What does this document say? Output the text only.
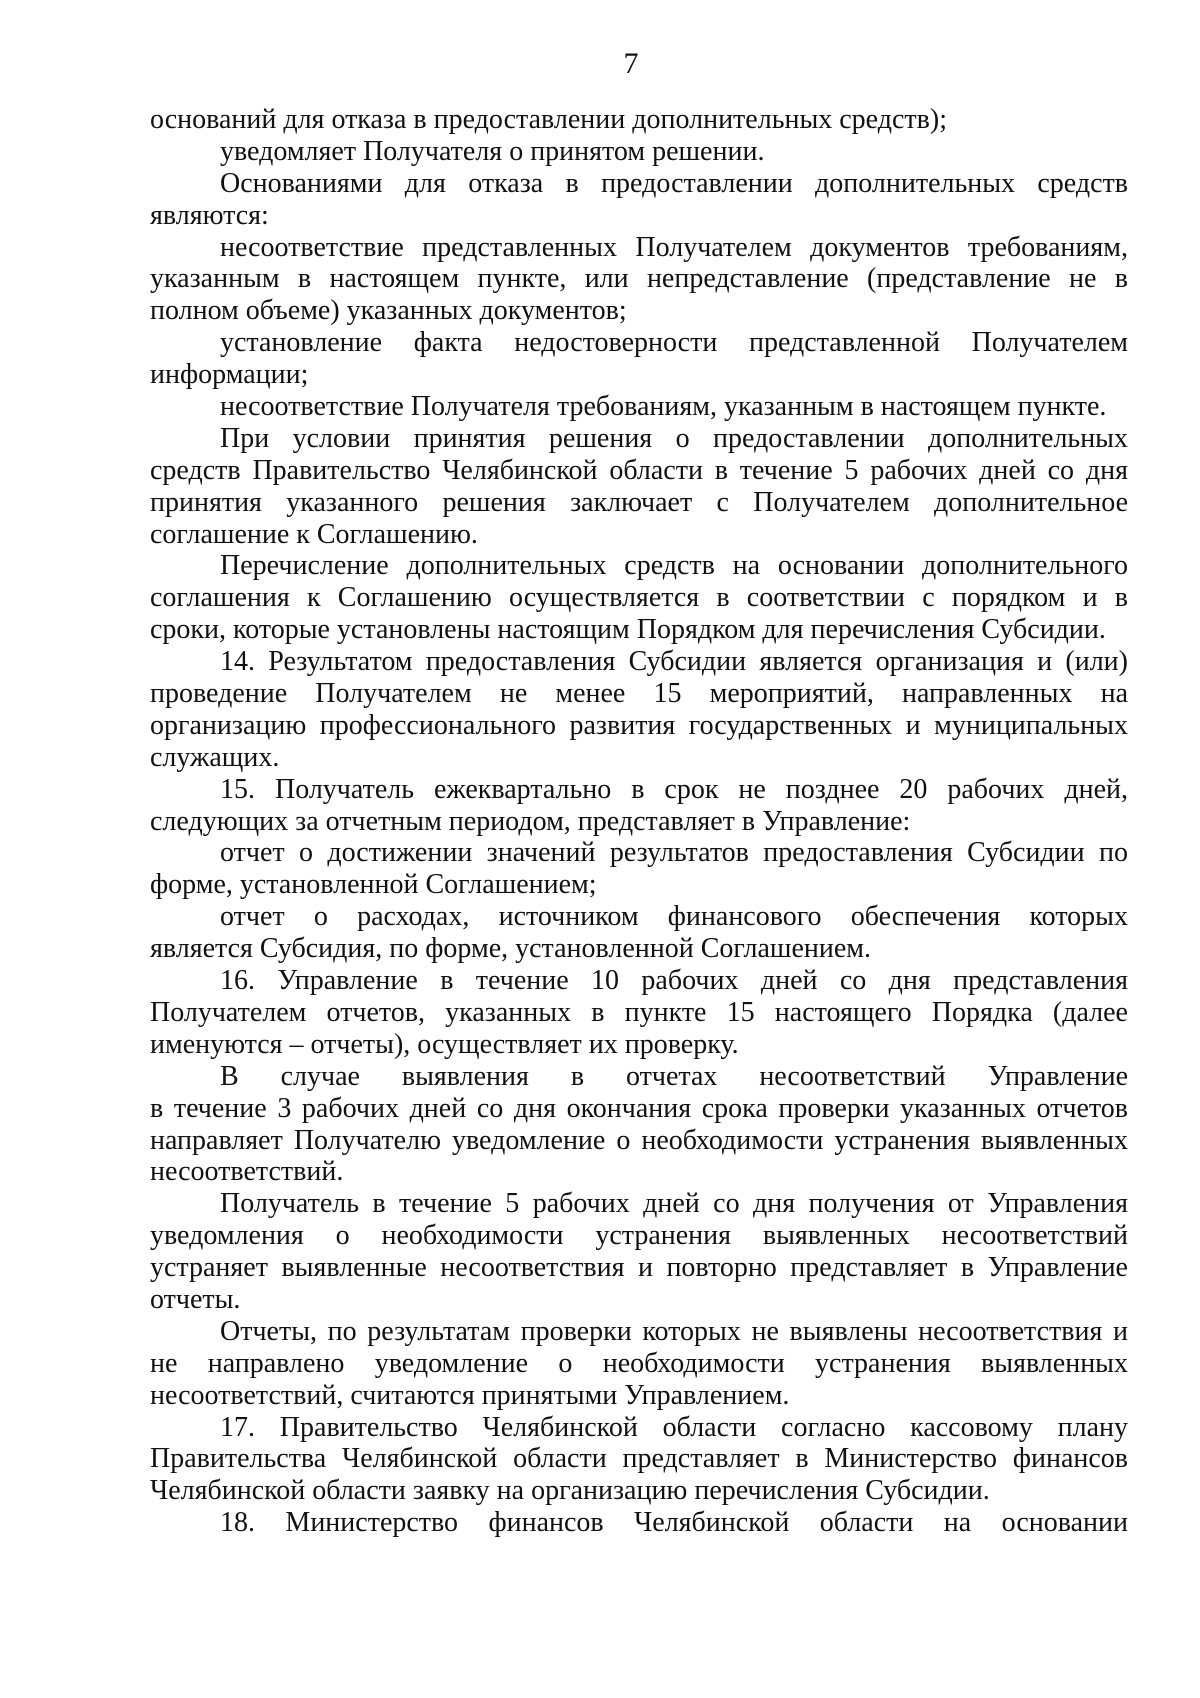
7
оснований для отказа в предоставлении дополнительных средств);
уведомляет Получателя о принятом решении.
Основаниями для отказа в предоставлении дополнительных средств
являются:
несоответствие представленных Получателем документов требованиям,
указанным в настоящем пункте, или непредставление (представление не в
полном объеме) указанных документов;
установление факта недостоверности представленной Получателем
информации;
несоответствие Получателя требованиям, указанным в настоящем пункте.
При условии принятия решения о предоставлении дополнительных
средств Правительство Челябинской области в течение 5 рабочих дней со дня
принятия указанного решения заключает с Получателем дополнительное
соглашение к Соглашению.
Перечисление дополнительных средств на основании дополнительного
соглашения к Соглашению осуществляется в соответствии с порядком и в
сроки, которые установлены настоящим Порядком для перечисления Субсидии.
14. Результатом предоставления Субсидии является организация и (или)
проведение Получателем не менее 15 мероприятий, направленных на
организацию профессионального развития государственных и муниципальных
служащих.
15. Получатель ежеквартально в срок не позднее 20 рабочих дней,
следующих за отчетным периодом, представляет в Управление:
отчет о достижении значений результатов предоставления Субсидии по
форме, установленной Соглашением;
отчет о расходах, источником финансового обеспечения которых
является Субсидия, по форме, установленной Соглашением.
16. Управление в течение 10 рабочих дней со дня представления
Получателем отчетов, указанных в пункте 15 настоящего Порядка (далее
именуются – отчеты), осуществляет их проверку.
В случае выявления в отчетах несоответствий Управление
в течение 3 рабочих дней со дня окончания срока проверки указанных отчетов
направляет Получателю уведомление о необходимости устранения выявленных
несоответствий.
Получатель в течение 5 рабочих дней со дня получения от Управления
уведомления о необходимости устранения выявленных несоответствий
устраняет выявленные несоответствия и повторно представляет в Управление
отчеты.
Отчеты, по результатам проверки которых не выявлены несоответствия и
не направлено уведомление о необходимости устранения выявленных
несоответствий, считаются принятыми Управлением.
17. Правительство Челябинской области согласно кассовому плану
Правительства Челябинской области представляет в Министерство финансов
Челябинской области заявку на организацию перечисления Субсидии.
18. Министерство финансов Челябинской области на основании
